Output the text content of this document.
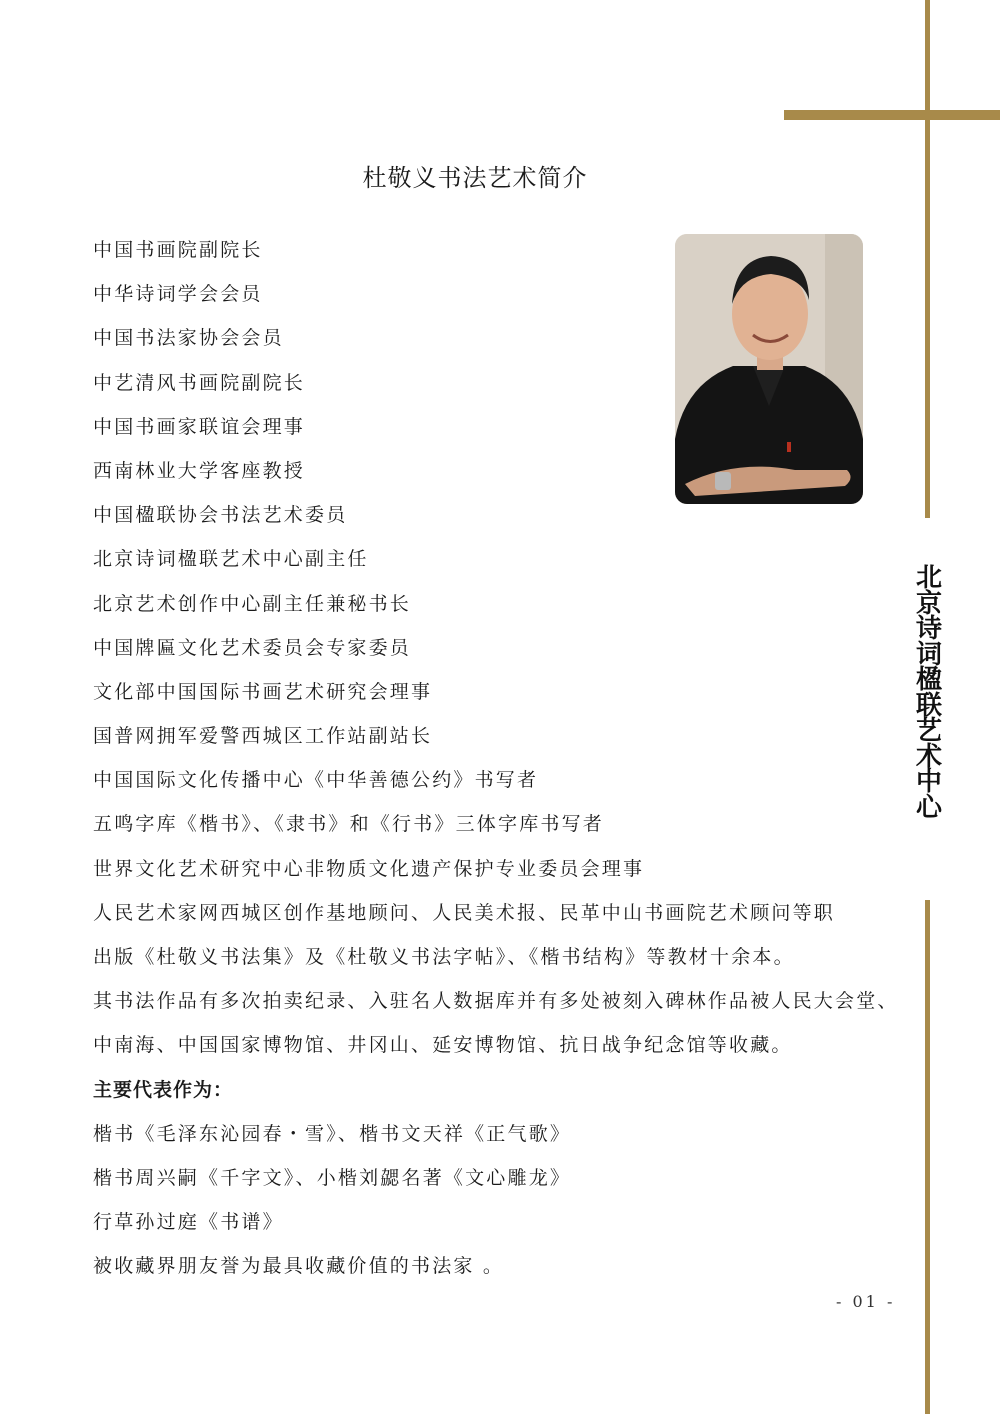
杜敬义书法艺术简介
中国书画院副院长
中华诗词学会会员
中国书法家协会会员
中艺清风书画院副院长
中国书画家联谊会理事
西南林业大学客座教授
中国楹联协会书法艺术委员
北京诗词楹联艺术中心副主任
北京艺术创作中心副主任兼秘书长
中国牌匾文化艺术委员会专家委员
文化部中国国际书画艺术研究会理事
国普网拥军爱警西城区工作站副站长
中国国际文化传播中心《中华善德公约》书写者
五鸣字库《楷书》、《隶书》和《行书》三体字库书写者
世界文化艺术研究中心非物质文化遗产保护专业委员会理事
人民艺术家网西城区创作基地顾问、人民美术报、民革中山书画院艺术顾问等职
出版《杜敬义书法集》及《杜敬义书法字帖》、《楷书结构》等教材十余本。
其书法作品有多次拍卖纪录、入驻名人数据库并有多处被刻入碑林作品被人民大会堂、
中南海、中国国家博物馆、井冈山、延安博物馆、抗日战争纪念馆等收藏。
主要代表作为：
楷书《毛泽东沁园春・雪》、楷书文天祥《正气歌》
楷书周兴嗣《千字文》、小楷刘勰名著《文心雕龙》
行草孙过庭《书谱》
被收藏界朋友誉为最具收藏价值的书法家 。
北
京
诗
词
楹
联
艺
术
中
心
- 01 -
